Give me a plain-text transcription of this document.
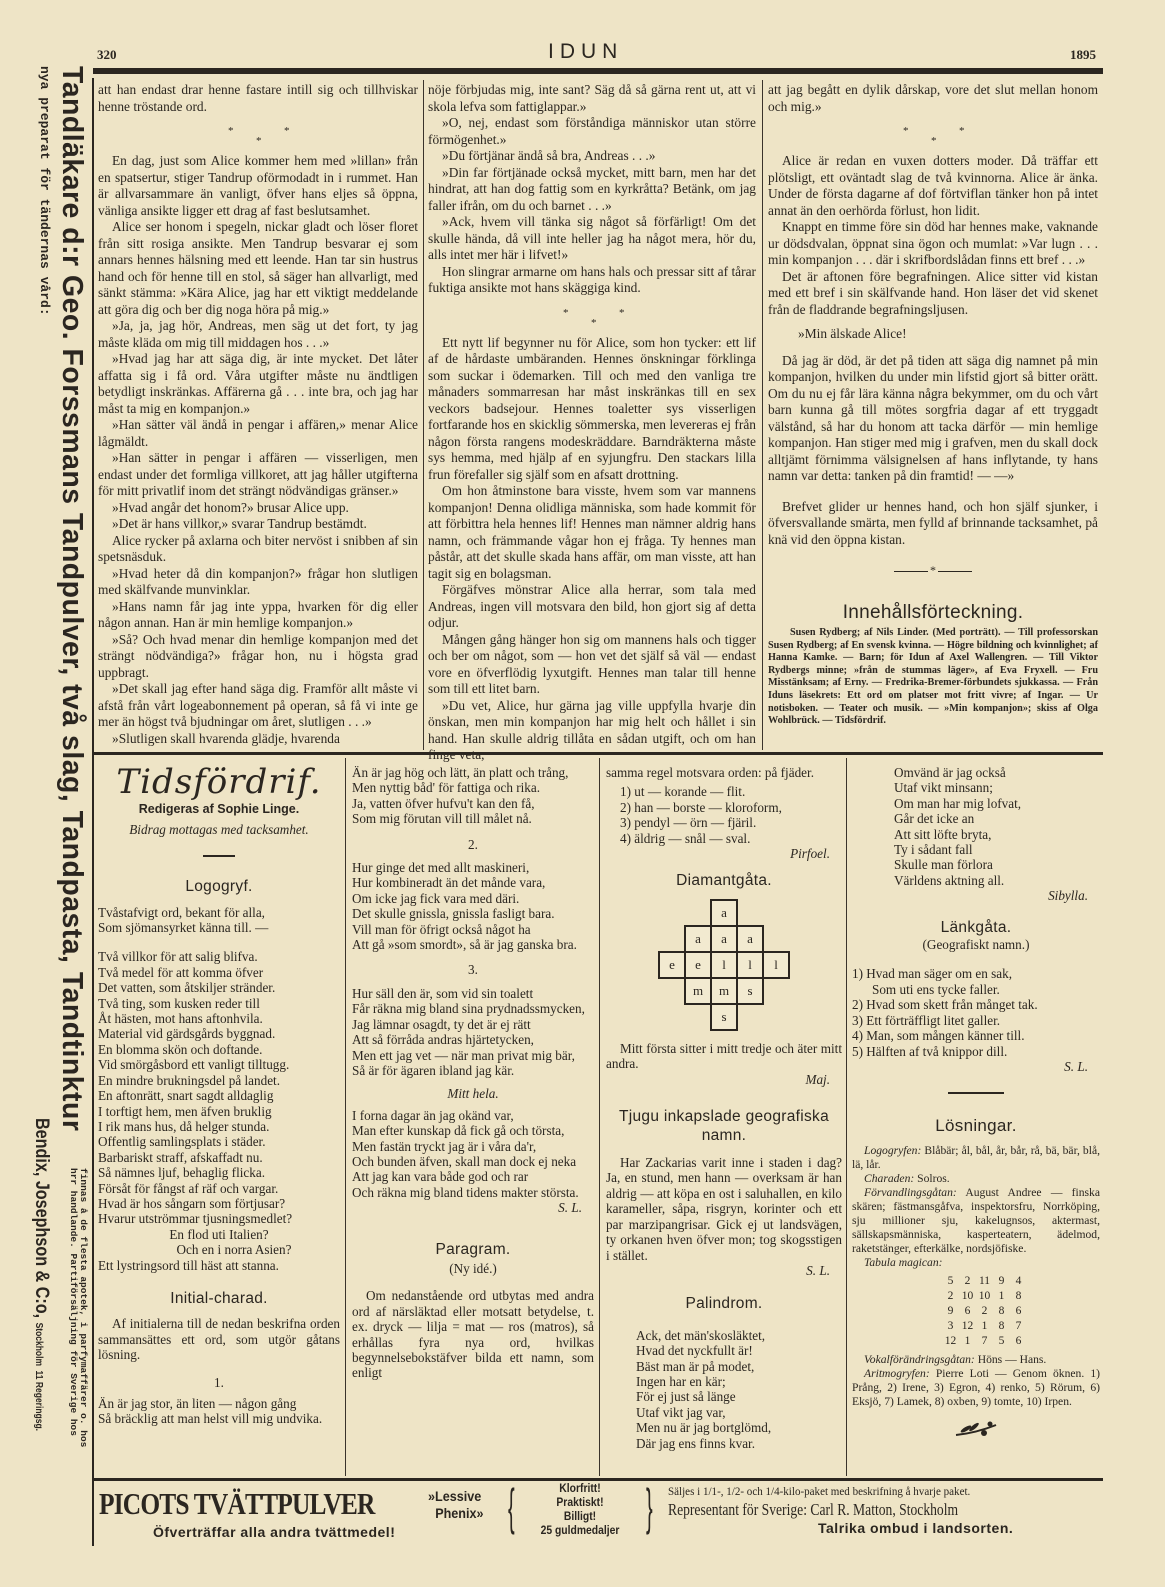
320	IDUN	1895
Tandläkare d:r Geo. Forssmans Tandpulver, två slag, Tandpasta, Tandtinktur
nya preparat för tändernas vård:
finnas å de flesta apotek, i parfymaffärer o. hos
hrr handlande. Partiförsäljning för Sverige hos
Bendix, Josephson & C:o, Stockholm 11 Regeringsg.

att han endast drar henne fastare intill sig och tillhviskar henne tröstande ord.

*
*
*

En dag, just som Alice kommer hem med »lillan» från en spatsertur, stiger Tandrup oförmodadt in i rummet. Han är allvarsammare än vanligt, öfver hans eljes så öppna, vänliga ansikte ligger ett drag af fast beslutsamhet.

Alice ser honom i spegeln, nickar gladt och löser floret från sitt rosiga ansikte. Men Tandrup besvarar ej som annars hennes hälsning med ett leende. Han tar sin hustrus hand och för henne till en stol, så säger han allvarligt, med sänkt stämma: »Kära Alice, jag har ett viktigt meddelande att göra dig och ber dig noga höra på mig.»

»Ja, ja, jag hör, Andreas, men säg ut det fort, ty jag måste kläda om mig till middagen hos . . .»

»Hvad jag har att säga dig, är inte mycket. Det låter affatta sig i få ord. Våra utgifter måste nu ändtligen betydligt inskränkas. Affärerna gå . . . inte bra, och jag har måst ta mig en kompanjon.»

»Han sätter väl ändå in pengar i affären,» menar Alice lågmäldt.

»Han sätter in pengar i affären — visserligen, men endast under det formliga villkoret, att jag håller utgifterna för mitt privatlif inom det strängt nödvändigas gränser.»

»Hvad angår det honom?» brusar Alice upp.

»Det är hans villkor,» svarar Tandrup bestämdt.

Alice rycker på axlarna och biter nervöst i snibben af sin spetsnäsduk.

»Hvad heter då din kompanjon?» frågar hon slutligen med skälfvande munvinklar.

»Hans namn får jag inte yppa, hvarken för dig eller någon annan. Han är min hemlige kompanjon.»

»Så? Och hvad menar din hemlige kompanjon med det strängt nödvändiga?» frågar hon, nu i högsta grad uppbragt.

»Det skall jag efter hand säga dig. Framför allt måste vi afstå från vårt logeabonnement på operan, så få vi inte ge mer än högst två bjudningar om året, slutligen . . .»

»Slutligen skall hvarenda glädje, hvarenda

nöje förbjudas mig, inte sant? Säg då så gärna rent ut, att vi skola lefva som fattiglappar.»

»O, nej, endast som förståndiga människor utan större förmögenhet.»

»Du förtjänar ändå så bra, Andreas . . .»

»Din far förtjänade också mycket, mitt barn, men har det hindrat, att han dog fattig som en kyrkråtta? Betänk, om jag faller ifrån, om du och barnet . . .»

»Ack, hvem vill tänka sig något så förfärligt! Om det skulle hända, då vill inte heller jag ha något mera, hör du, alls intet mer här i lifvet!»

Hon slingrar armarne om hans hals och pressar sitt af tårar fuktiga ansikte mot hans skäggiga kind.

*
*
*

Ett nytt lif begynner nu för Alice, som hon tycker: ett lif af de hårdaste umbäranden. Hennes önskningar förklinga som suckar i ödemarken. Till och med den vanliga tre månaders sommarresan har måst inskränkas till en sex veckors badsejour. Hennes toaletter sys visserligen fortfarande hos en skicklig sömmerska, men levereras ej från någon första rangens modeskräddare. Barndräkterna måste sys hemma, med hjälp af en syjungfru. Den stackars lilla frun förefaller sig själf som en afsatt drottning.

Om hon åtminstone bara visste, hvem som var mannens kompanjon! Denna olidliga människa, som hade kommit för att förbittra hela hennes lif! Hennes man nämner aldrig hans namn, och främmande vågar hon ej fråga. Ty hennes man påstår, att det skulle skada hans affär, om man visste, att han tagit sig en bolagsman.

Förgäfves mönstrar Alice alla herrar, som tala med Andreas, ingen vill motsvara den bild, hon gjort sig af detta odjur.

Mången gång hänger hon sig om mannens hals och tigger och ber om något, som — hon vet det själf så väl — endast vore en öfverflödig lyxutgift. Hennes man talar till henne som till ett litet barn.

»Du vet, Alice, hur gärna jag ville uppfylla hvarje din önskan, men min kompanjon har mig helt och hållet i sin hand. Han skulle aldrig tillåta en sådan utgift, och om han finge veta,

att jag begått en dylik dårskap, vore det slut mellan honom och mig.»

*
*
*

Alice är redan en vuxen dotters moder. Då träffar ett plötsligt, ett oväntadt slag de två kvinnorna. Alice är änka. Under de första dagarne af dof förtviflan tänker hon på intet annat än den oerhörda förlust, hon lidit.

Knappt en timme före sin död har hennes make, vaknande ur dödsdvalan, öppnat sina ögon och mumlat: »Var lugn . . . min kompanjon . . . där i skrifbordslådan finns ett bref . . .»

Det är aftonen före begrafningen. Alice sitter vid kistan med ett bref i sin skälfvande hand. Hon läser det vid skenet från de fladdrande begrafningsljusen.

»Min älskade Alice!

Då jag är död, är det på tiden att säga dig namnet på min kompanjon, hvilken du under min lifstid gjort så bitter orätt. Om du nu ej får lära känna några bekymmer, om du och vårt barn kunna gå till mötes sorgfria dagar af ett tryggadt välstånd, så har du honom att tacka därför — min hemlige kompanjon. Han stiger med mig i grafven, men du skall dock alltjämt förnimma välsignelsen af hans inflytande, ty hans namn var detta: tanken på din framtid! — —»

Brefvet glider ur hennes hand, och hon själf sjunker, i öfversvallande smärta, men fylld af brinnande tacksamhet, på knä vid den öppna kistan.

*
Innehållsförteckning.

Susen Rydberg; af Nils Linder. (Med porträtt). — Till professorskan Susen Rydberg; af En svensk kvinna. — Högre bildning och kvinnlighet; af Hanna Kamke. — Barn; för Idun af Axel Wallengren. — Till Viktor Rydbergs minne; »från de stummas läger», af Eva Fryxell. — Fru Misstänksam; af Erny. — Fredrika-Bremer-förbundets sjukkassa. — Från Iduns läsekrets: Ett ord om platser mot fritt vivre; af Ingar. — Ur notisboken. — Teater och musik. — »Min kompanjon»; skiss af Olga Wohlbrück. — Tidsfördrif.

Tidsfördrif.

Redigeras af Sophie Linge.

Bidrag mottagas med tacksamhet.

Logogryf.

Tvåstafvigt ord, bekant för alla,

Som sjömansyrket känna till. —

Två villkor för att salig blifva.

Två medel för att komma öfver

Det vatten, som åtskiljer stränder.

Två ting, som kusken reder till

Åt hästen, mot hans aftonhvila.

Material vid gärdsgårds byggnad.

En blomma skön och doftande.

Vid smörgåsbord ett vanligt tilltugg.

En mindre brukningsdel på landet.

En aftonrätt, snart sagdt alldaglig

I torftigt hem, men äfven bruklig

I rik mans hus, då helger stunda.

Offentlig samlingsplats i städer.

Barbariskt straff, afskaffadt nu.

Så nämnes ljuf, behaglig flicka.

Försåt för fångst af räf och vargar.

Hvad är hos sångarn som förtjusar?

Hvarur utströmmar tjusningsmedlet?

En flod uti Italien?

Och en i norra Asien?

Ett lystringsord till häst att stanna.

Initial-charad.

Af initialerna till de nedan beskrifna orden sammansättes ett ord, som utgör gåtans lösning.

1.

Än är jag stor, än liten — någon gång

Så bräcklig att man helst vill mig undvika.

Än är jag hög och lätt, än platt och trång,

Men nyttig båd' för fattiga och rika.

Ja, vatten öfver hufvu't kan den få,

Som mig förutan vill till målet nå.

2.

Hur ginge det med allt maskineri,

Hur kombineradt än det månde vara,

Om icke jag fick vara med däri.

Det skulle gnissla, gnissla fasligt bara.

Vill man för öfrigt också något ha

Att gå »som smordt», så är jag ganska bra.

3.

Hur säll den är, som vid sin toalett

Får räkna mig bland sina prydnadssmycken,

Jag lämnar osagdt, ty det är ej rätt

Att så förråda andras hjärtetycken,

Men ett jag vet — när man privat mig bär,

Så är för ägaren ibland jag kär.

Mitt hela.

I forna dagar än jag okänd var,

Man efter kunskap då fick gå och törsta,

Men fastän tryckt jag är i våra da'r,

Och bunden äfven, skall man dock ej neka

Att jag kan vara både god och rar

Och räkna mig bland tidens makter största.

S. L.

Paragram.

(Ny idé.)

Om nedanstående ord utbytas med andra ord af närsläktad eller motsatt betydelse, t. ex. dryck — lilja = mat — ros (matros), så erhållas fyra nya ord, hvilkas begynnelsebokstäfver bilda ett namn, som enligt

samma regel motsvara orden: på fjäder.

1) ut — korande — flit.

2) han — borste — kloroform,

3) pendyl — örn — fjäril.

4) äldrig — snål — sval.

Pirfoel.

Diamantgåta.
		a		
	a	a	a	
e	e	l	l	l
	m	m	s	
		s		

Mitt första sitter i mitt tredje och äter mitt andra.

Maj.

Tjugu inkapslade geografiska namn.

Har Zackarias varit inne i staden i dag? Ja, en stund, men hann — overksam är han aldrig — att köpa en ost i saluhallen, en kilo karameller, såpa, risgryn, korinter och ett par marzipangrisar. Gick ej ut landsvägen, ty orkanen hven öfver mon; tog skogsstigen i stället.

S. L.

Palindrom.

Ack, det män'skosläktet,

Hvad det nyckfullt är!

Bäst man är på modet,

Ingen har en kär;

För ej just så länge

Utaf vikt jag var,

Men nu är jag bortglömd,

Där jag ens finns kvar.

Omvänd är jag också

Utaf vikt minsann;

Om man har mig lofvat,

Går det icke an

Att sitt löfte bryta,

Ty i sådant fall

Skulle man förlora

Världens aktning all.

Sibylla.

Länkgåta.

(Geografiskt namn.)

1) Hvad man säger om en sak,

Som uti ens tycke faller.

2) Hvad som skett från månget tak.

3) Ett förträffligt litet galler.

4) Man, som mången känner till.

5) Hälften af två knippor dill.

S. L.

Lösningar.

Logogryfen: Blåbär; ål, bål, år, bår, rå, bä, bär, blå, lä, lår.

Charaden: Solros.

Förvandlingsgåtan: August Andree — finska skären; fästmansgåfva, inspektorsfru, Norrköping, sju millioner sju, kakelugnsos, aktermast, sällskapsmänniska, kasperteatern, ädelmod, raketstänger, efterkälke, nordsjöfiske.

Tabula magican:

5 2 11 9 4
2 10 10 1 8
9 6 2 8 6
3 12 1 8 7
12 1 7 5 6

Vokalförändringsgåtan: Höns — Hans.

Aritmogryfen: Pierre Loti — Genom öknen. 1) Prång, 2) Irene, 3) Egron, 4) renko, 5) Rörum, 6) Eksjö, 7) Lamek, 8) oxben, 9) tomte, 10) Irpen.

PICOTS TVÄTTPULVER	»Lessive
Phenix»
Öfverträffar alla andra tvättmedel! {	Klorfritt!
Praktiskt!
Billigt!
25 guldmedaljer } Säljes i 1/1-, 1/2- och 1/4-kilo-paket med beskrifning å hvarje paket.
Representant för Sverige: Carl R. Matton, Stockholm
Talrika ombud i landsorten.
